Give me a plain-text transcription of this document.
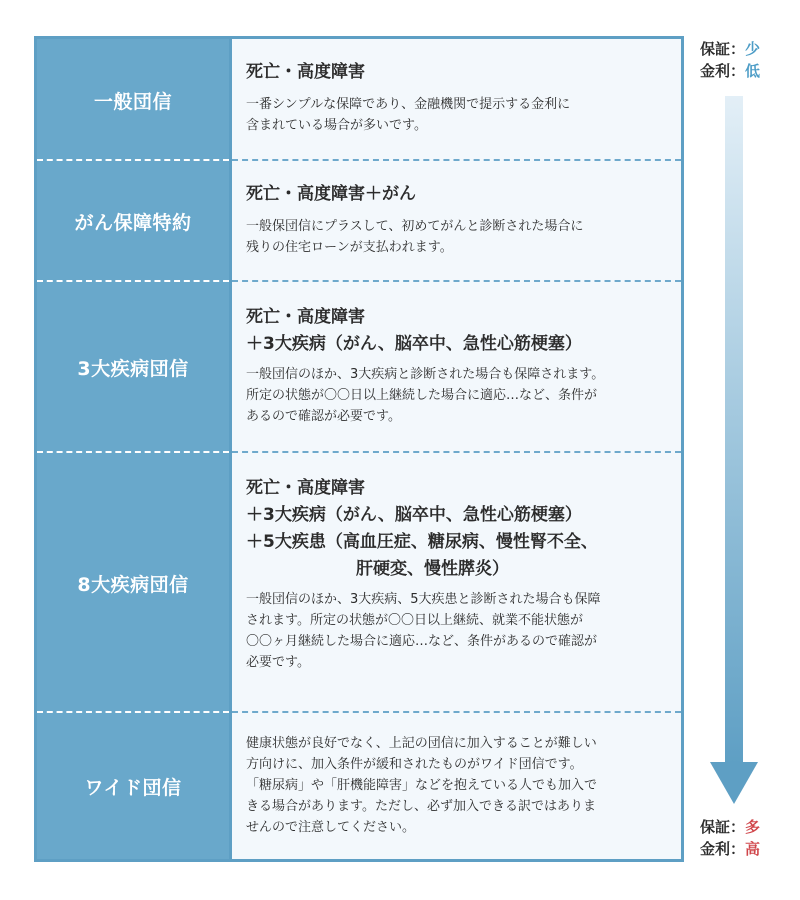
一般団信

死亡・高度障害

一番シンプルな保障であり、金融機関で提示する金利に

含まれている場合が多いです。

がん保障特約

死亡・高度障害＋がん

一般保団信にプラスして、初めてがんと診断された場合に

残りの住宅ローンが支払われます。

3大疾病団信

死亡・高度障害

＋3大疾病（がん、脳卒中、急性心筋梗塞）

一般団信のほか、3大疾病と診断された場合も保障されます。

所定の状態が〇〇日以上継続した場合に適応…など、条件が

あるので確認が必要です。

8大疾病団信

死亡・高度障害

＋3大疾病（がん、脳卒中、急性心筋梗塞）

＋5大疾患（高血圧症、糖尿病、慢性腎不全、

肝硬変、慢性膵炎）

一般団信のほか、3大疾病、5大疾患と診断された場合も保障

されます。所定の状態が〇〇日以上継続、就業不能状態が

〇〇ヶ月継続した場合に適応…など、条件があるので確認が

必要です。

ワイド団信

健康状態が良好でなく、上記の団信に加入することが難しい

方向けに、加入条件が緩和されたものがワイド団信です。

「糖尿病」や「肝機能障害」などを抱えている人でも加入で

きる場合があります。ただし、必ず加入できる訳ではありま

せんので注意してください。

保証：少
金利：低
保証：多
金利：高
